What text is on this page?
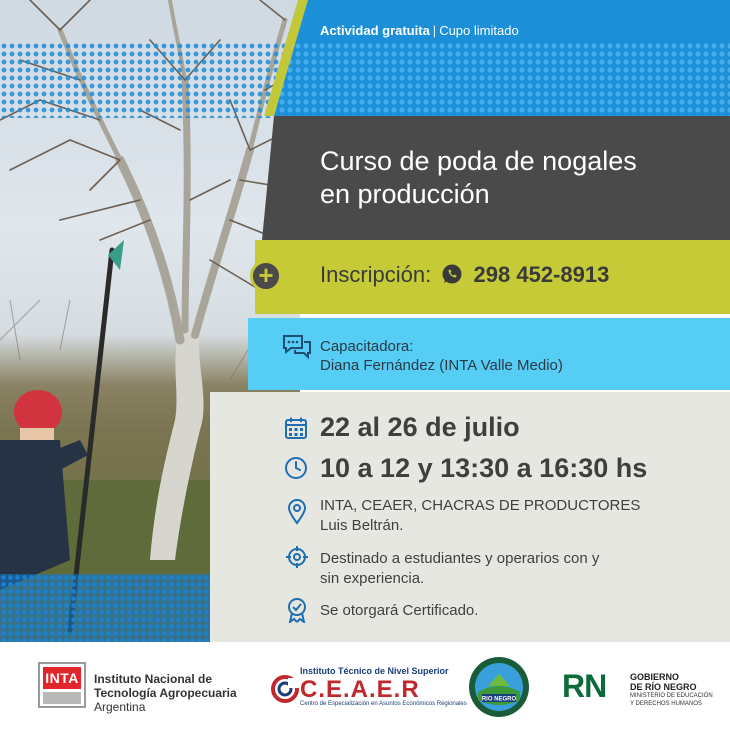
Actividad gratuita | Cupo limitado
Curso de poda de nogales
en producción
+	Inscripción: 298 452-8913
Capacitadora:
Diana Fernández (INTA Valle Medio)
22 al 26 de julio
10 a 12 y 13:30 a 16:30 hs
INTA, CEAER, CHACRAS DE PRODUCTORES
Luis Beltrán.
Destinado a estudiantes y operarios con y
sin experiencia.
Se otorgará Certificado.
INTA Instituto Nacional de
Tecnología Agropecuaria
Argentina
Instituto Técnico de Nivel Superior
C.E.A.E.R
Centro de Especialización en Asuntos Económicos Regionales
RIO NEGRO RN	GOBIERNO
DE RÍO NEGRO
MINISTERIO DE EDUCACIÓN
Y DERECHOS HUMANOS
